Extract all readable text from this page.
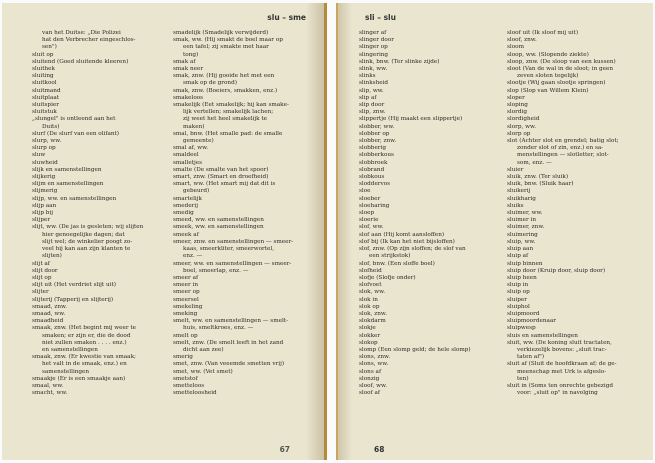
slu – sme
van het Duitse: „Die Polizei
hat den Verbrecher eingeschlos-
sen")
sluit op
sluitend (Goed sluitende kleeren)
sluithek
sluiting
sluitkool
sluitmand
sluitplaat
sluitspier
sluitstuk
„slungel" is ontleend aan het
Duits)
slurf (De slurf van een olifant)
slurp, ww.
slurp op
sluw
sluwheid
slijk en samenstellingen
slijkerig
slijm en samenstellingen
slijmerig
slijp, ww. en samenstellingen
slijp aan
slijp bij
slijper
slijt, ww. (De jas is gesleten; wij slijten
hier genoegelijke dagen; dat
slijt wel; de winkelier poogt zo-
veel hij kan aan zijn klanten te
slijten)
slijt af
slijt door
slijt op
slijt uit (Het verdriet slijt uit)
slijter
slijterij (Tapperij en slijterij)
smaad, znw.
smaad, ww.
smaadheid
smaak, znw. (Het begint mij weer te
smaken; er zijn er, die de dood
niet zullen smaken . . . . enz.)
en samenstellingen
smaak, znw. (Er kwestie van smaak;
het valt in de smaak, enz.) en
samenstellingen
smaakje (Er is een smaakje aan)
smaal, ww.
smacht, ww.
smadelijk (Smadelijk verwijderd)
smak, ww. (Hij smakt de boel maar op
een tafel; zij smakte met haar
tong)
smak af
smak neer
smak, znw. (Hij gooide het met een
smak op de grond)
smak, znw. (Boeiers, smakken, enz.)
smakeloos
smakelijk (Eet smakelijk; hij kan smake-
lijk vertellen; smakelijk lachen;
zij weet het heel smakelijk te
maken)
smal, bnw. (Het smalle pad: de smalle
gemeente)
smal af, ww.
smaldeel
smalletjes
smalte (De smalte van het spoor)
smart, znw. (Smart en droefheid)
smart, ww. (Het smart mij dat dit is
gebeurd)
smartelijk
smederij
smedig
smeed, ww. en samenstellingen
smeek, ww. en samenstellingen
smeek af
smeer, znw. en samenstellingen — smeer-
kaas, smeerkliter, smeerwortel,
enz. —
smeer, ww. en samenstellingen — smeer-
boel, smeerlap, enz. —
smeer af
smeer in
smeer op
smeersel
smekeling
smeking
smelt, ww. en samenstellingen — smelt-
huis, smeltkroes, enz. —
smelt op
smelt, znw. (De smelt leeft in het zand
dicht aan zee)
smerig
smet, znw. (Van veeemde smetten vrij)
smet, ww. (Vet smet)
smetstof
smetteloos
smetteloosheid
67
sli – slu
slinger af
slinger door
slinger op
slingering
slink, bnw. (Ter slinke zijde)
slink, ww.
slinks
slinksheid
slip, ww.
slip af
slip door
slip, znw.
slippertje (Hij maakt een slippertje)
slobber, ww.
slobber op
slobber, znw.
slobberig
slobberkous
slobbroek
slobrand
slobkous
sloddervos
sloe
sloeber
sloeharing
sloep
sloerie
slof, ww.
slof aan (Hij komt aansloffen)
slof bij (Ik kan het niet bijsloffen)
slof, znw. (Op zijn sloffen; de slof van
een strijkstok)
slof, bnw. (Een sloffe boel)
slofheid
slofje (Slofje onder)
slofvoet
slok, ww.
slok in
slok op
slok, znw.
slokdarm
slokje
slokker
slokop
slomp (Een slomp geld; de hele slomp)
slons, znw.
slons, ww.
slons af
slonzig
sloof, ww.
sloof af
sloof uit (Ik sloof mij uit)
sloof, znw.
sloom
sloop, ww. (Slopende ziekte)
sloop, znw. (De sloop van een kussen)
sloot (Van de wal in de sloot; in geen
zeven sloten tegelijk)
slootje (Wij gaan slootje springen)
slop (Slop van Willem Klein)
sloper
sloping
slordig
slordigheid
slorp, ww.
slorp op
slot (Achter slot en grendel; batig slot;
zonder slot of zin, enz.) en sa-
menstellingen — slotletter, slot-
som, enz. —
sluier
sluik, znw. (Ter sluik)
sluik, bnw. (Sluik haar)
sluikerij
sluikharig
sluiks
sluimer, ww.
sluimer in
sluimer, znw.
sluimering
sluip, ww.
sluip aan
sluip af
sluip binnen
sluip door (Kruip door, sluip door)
sluip heen
sluip in
sluip op
sluiper
sluiphol
sluipmoord
sluipmoordenaar
sluipwesp
sluis en samenstellingen
sluit, ww. (De koning sluit tractaten,
verkiezelijk bovens: „sluit trac-
taten af")
sluit af (Sluit de hoofdkraan af; de ge-
meenschap met Urk is afgeslo-
ten)
sluit in (Soms ten onrechte gebezigd
voor: „sluit op" in navolging
68
